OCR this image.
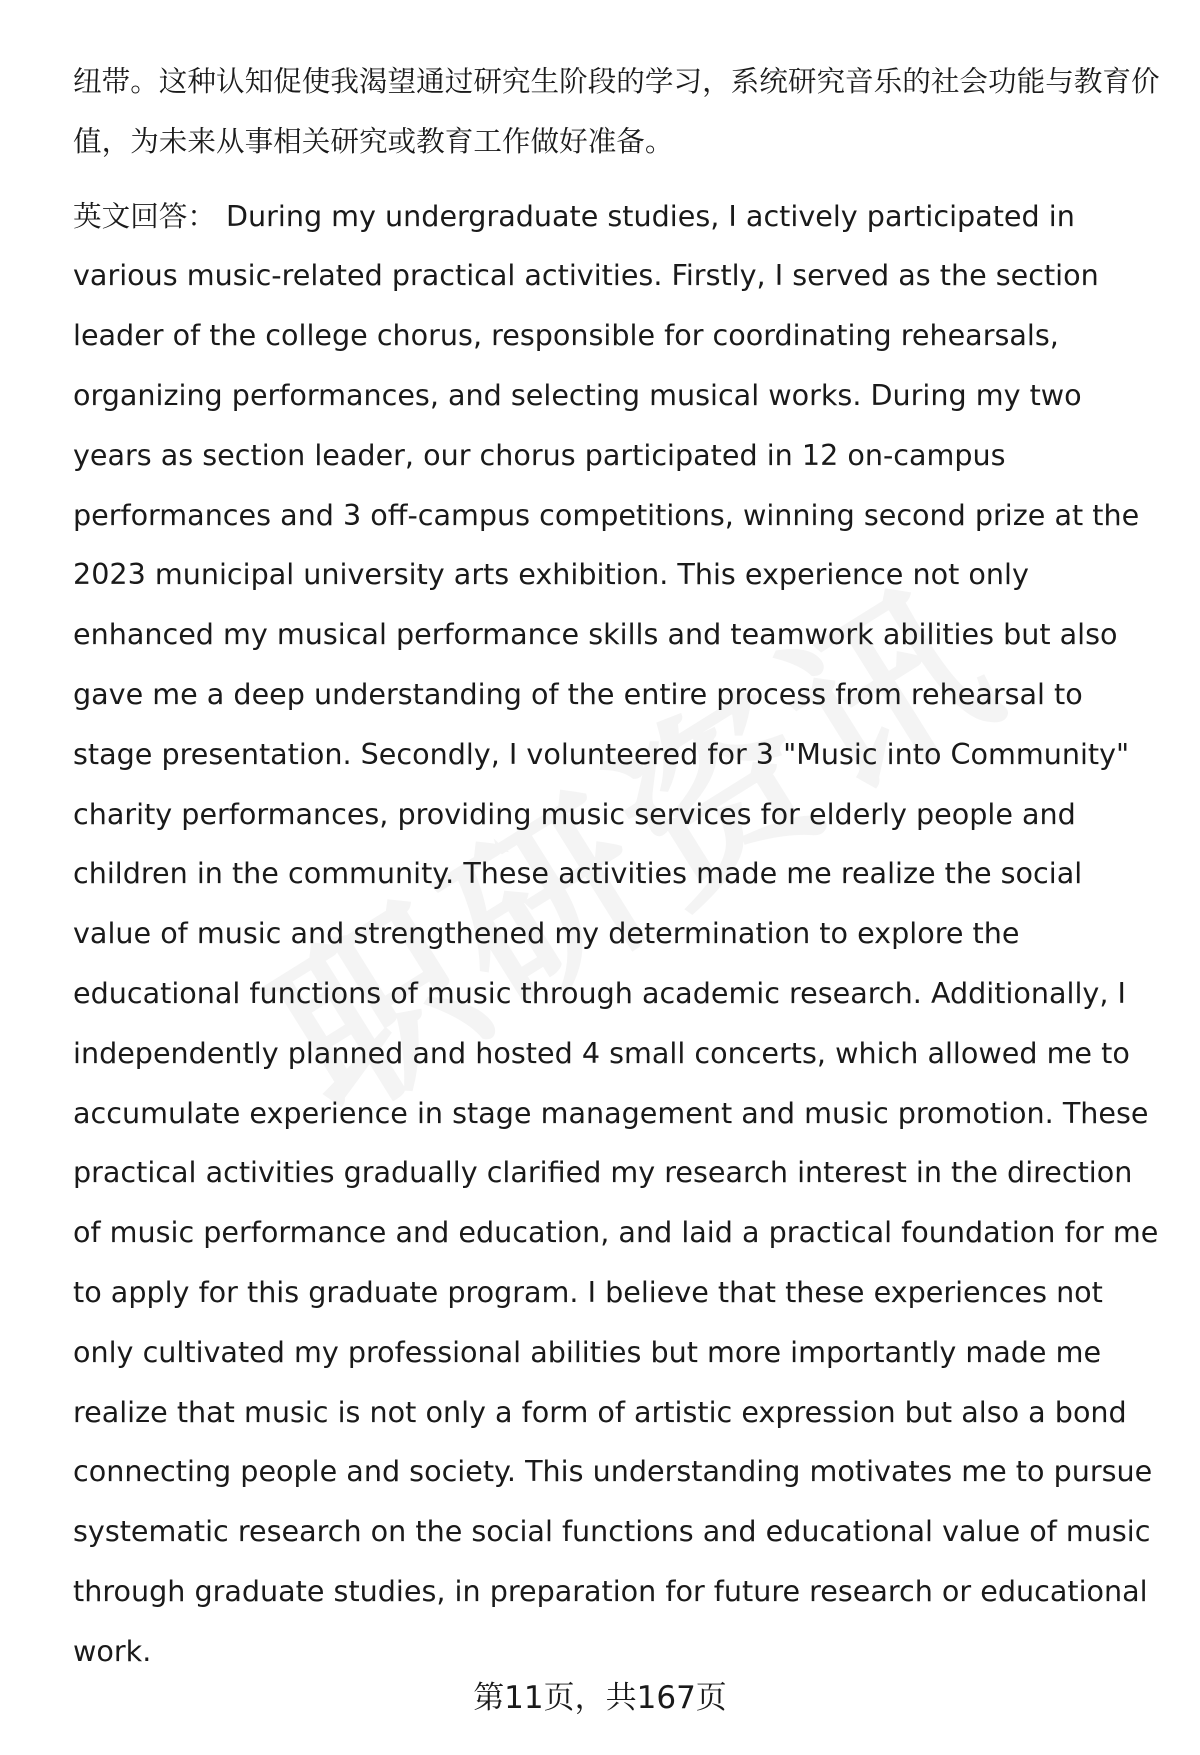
纽带。这种认知促使我渴望通过研究生阶段的学习，系统研究音乐的社会功能与教育价值，为未来从事相关研究或教育工作做好准备。

英文回答： During my undergraduate studies, I actively participated in various music-related practical activities. Firstly, I served as the section leader of the college chorus, responsible for coordinating rehearsals, organizing performances, and selecting musical works. During my two years as section leader, our chorus participated in 12 on-campus performances and 3 off-campus competitions, winning second prize at the 2023 municipal university arts exhibition. This experience not only enhanced my musical performance skills and teamwork abilities but also gave me a deep understanding of the entire process from rehearsal to stage presentation. Secondly, I volunteered for 3 "Music into Community" charity performances, providing music services for elderly people and children in the community. These activities made me realize the social value of music and strengthened my determination to explore the educational functions of music through academic research. Additionally, I independently planned and hosted 4 small concerts, which allowed me to accumulate experience in stage management and music promotion. These practical activities gradually clarified my research interest in the direction of music performance and education, and laid a practical foundation for me to apply for this graduate program. I believe that these experiences not only cultivated my professional abilities but more importantly made me realize that music is not only a form of artistic expression but also a bond connecting people and society. This understanding motivates me to pursue systematic research on the social functions and educational value of music through graduate studies, in preparation for future research or educational work.

第11页，共167页
